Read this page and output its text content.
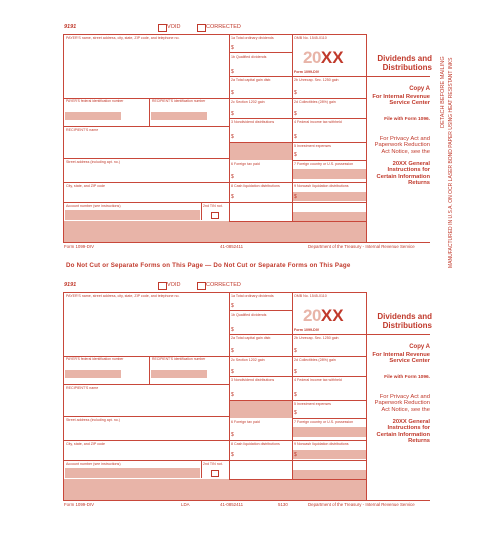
DETACH BEFORE MAILING MANUFACTURED IN U.S.A. ON OCR LASER BOND PAPER USING HEAT RESISTANT INKS
9191	VOID	CORRECTED
PAYER'S name, street address, city, state, ZIP code, and telephone no.
PAYER'S federal identification number	RECIPIENT'S identification number
RECIPIENT'S name
Street address (including apt. no.)
City, state, and ZIP code
Account number (see instructions)	2nd TIN not.
1a Total ordinary dividends
$
1b Qualified dividends
$
2a Total capital gain distr.
$
2b Unrecap. Sec. 1250 gain
$
2c Section 1202 gain
$
2d Collectibles (28%) gain
$
3 Nondividend distributions
$
4 Federal income tax withheld
$
5 Investment expenses
$
6 Foreign tax paid
$
7 Foreign country or U.S. possession
8 Cash liquidation distributions
$
9 Noncash liquidation distributions
$
OMB No. 1545-0110
20XX
Form 1099-DIV
Dividends and Distributions
Copy A
For Internal Revenue Service Center
File with Form 1096.
For Privacy Act and Paperwork Reduction Act Notice, see the
20XX General Instructions for Certain Information Returns
Form 1099-DIV	41-0852411	Department of the Treasury - Internal Revenue Service
9191	VOID	CORRECTED
PAYER'S name, street address, city, state, ZIP code, and telephone no.
PAYER'S federal identification number	RECIPIENT'S identification number
RECIPIENT'S name
Street address (including apt. no.)
City, state, and ZIP code
Account number (see instructions)	2nd TIN not.
1a Total ordinary dividends
$
1b Qualified dividends
$
2a Total capital gain distr.
$
2b Unrecap. Sec. 1250 gain
$
2c Section 1202 gain
$
2d Collectibles (28%) gain
$
3 Nondividend distributions
$
4 Federal income tax withheld
$
5 Investment expenses
$
6 Foreign tax paid
$
7 Foreign country or U.S. possession
8 Cash liquidation distributions
$
9 Noncash liquidation distributions
$
OMB No. 1545-0110
20XX
Form 1099-DIV
Dividends and Distributions
Copy A
For Internal Revenue Service Center
File with Form 1096.
For Privacy Act and Paperwork Reduction Act Notice, see the
20XX General Instructions for Certain Information Returns
Form 1099-DIV	LDA	41-0852411	5130	Department of the Treasury - Internal Revenue Service
Do Not Cut or Separate Forms on This Page — Do Not Cut or Separate Forms on This Page
